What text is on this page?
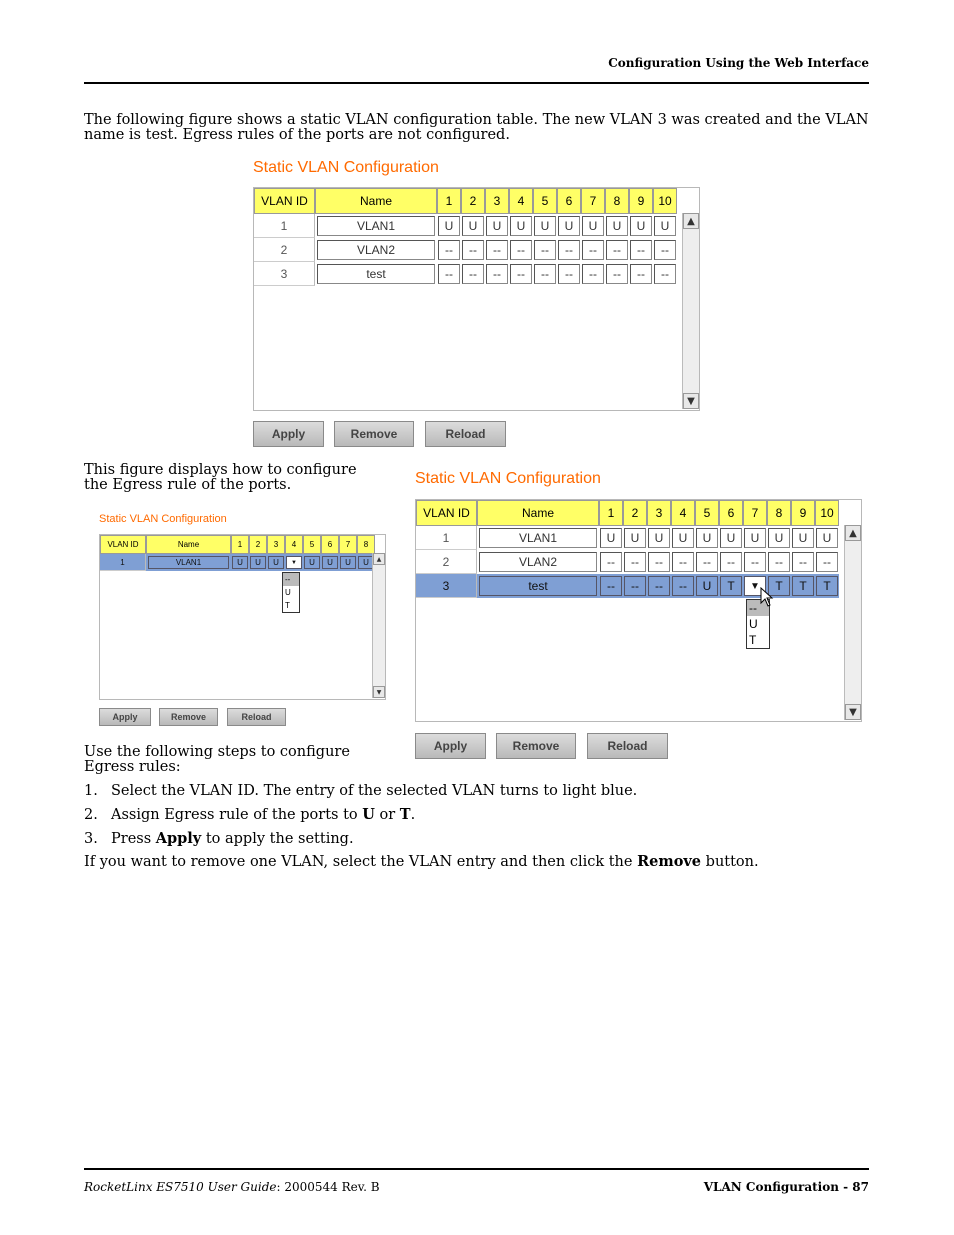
Configuration Using the Web Interface
The following figure shows a static VLAN configuration table. The new VLAN 3 was created and the VLAN name is test. Egress rules of the ports are not configured.
Static VLAN Configuration
VLAN ID	Name	1	2	3	4	5	6	7	8	9	10
1	VLAN1	U	U	U	U	U	U	U	U	U	U
2	VLAN2	--	--	--	--	--	--	--	--	--	--
3	test	--	--	--	--	--	--	--	--	--	--
▲
▼
Apply	Remove	Reload
This figure displays how to configure the Egress rule of the ports.
Static VLAN Configuration
VLAN ID	Name	1	2	3	4	5	6	7	8
1	VLAN1	U	U	U	▼	U	U	U	U	▲
▼
--
U
T
Apply	Remove	Reload
Static VLAN Configuration
VLAN ID	Name	1	2	3	4	5	6	7	8	9	10
1	VLAN1	U	U	U	U	U	U	U	U	U	U
2	VLAN2	--	--	--	--	--	--	--	--	--	--
3	test	--	--	--	--	U	T	▼	T	T	T
▲
▼
--
U
T
Apply	Remove	Reload
Use the following steps to configure Egress rules:
1. Select the VLAN ID. The entry of the selected VLAN turns to light blue.
2. Assign Egress rule of the ports to U or T.
3. Press Apply to apply the setting.
If you want to remove one VLAN, select the VLAN entry and then click the Remove button.
RocketLinx ES7510 User Guide: 2000544 Rev. B	VLAN Configuration - 87
